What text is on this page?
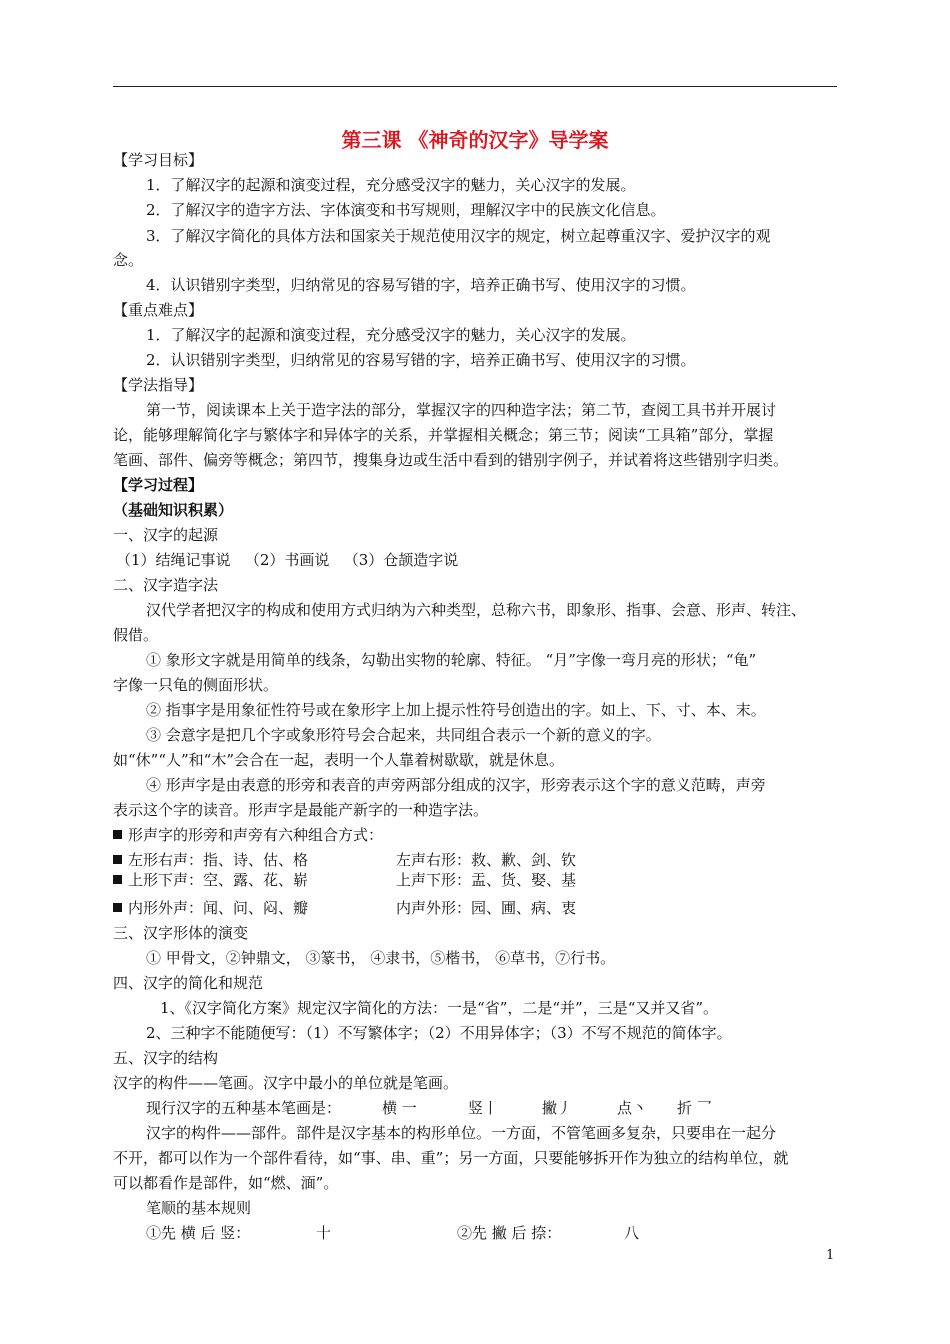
第三课 《神奇的汉字》导学案
【学习目标】
1．了解汉字的起源和演变过程，充分感受汉字的魅力，关心汉字的发展。
2．了解汉字的造字方法、字体演变和书写规则，理解汉字中的民族文化信息。
3．了解汉字简化的具体方法和国家关于规范使用汉字的规定，树立起尊重汉字、爱护汉字的观
念。
4．认识错别字类型，归纳常见的容易写错的字，培养正确书写、使用汉字的习惯。
【重点难点】
1．了解汉字的起源和演变过程，充分感受汉字的魅力，关心汉字的发展。
2．认识错别字类型，归纳常见的容易写错的字，培养正确书写、使用汉字的习惯。
【学法指导】
第一节，阅读课本上关于造字法的部分，掌握汉字的四种造字法；第二节，查阅工具书并开展讨
论，能够理解简化字与繁体字和异体字的关系，并掌握相关概念；第三节；阅读“工具箱”部分，掌握
笔画、部件、偏旁等概念；第四节，搜集身边或生活中看到的错别字例子，并试着将这些错别字归类。
【学习过程】
（基础知识积累）
一、汉字的起源
（1）结绳记事说   （2）书画说   （3）仓颉造字说
二、汉字造字法
汉代学者把汉字的构成和使用方式归纳为六种类型，总称六书，即象形、指事、会意、形声、转注、
假借。
① 象形文字就是用简单的线条，勾勒出实物的轮廓、特征。 “月”字像一弯月亮的形状；“龟”
字像一只龟的侧面形状。
② 指事字是用象征性符号或在象形字上加上提示性符号创造出的字。如上、下、寸、本、末。
③ 会意字是把几个字或象形符号会合起来，共同组合表示一个新的意义的字。
如“休”“人”和“木”会合在一起，表明一个人靠着树歇歇，就是休息。
④ 形声字是由表意的形旁和表音的声旁两部分组成的汉字，形旁表示这个字的意义范畴，声旁
表示这个字的读音。形声字是最能产新字的一种造字法。
形声字的形旁和声旁有六种组合方式：
左形右声：指、诗、估、格	左声右形：救、歉、剑、钦
上形下声：空、露、花、崭	上声下形：盂、货、娶、基
内形外声：闻、问、闷、瓣	内声外形：园、圃、病、衷
三、汉字形体的演变
① 甲骨文，②钟鼎文， ③篆书， ④隶书，⑤楷书， ⑥草书，⑦行书。
四、汉字的简化和规范
1、《汉字简化方案》规定汉字简化的方法：一是“省”，二是“并”，三是“又并又省”。
2、三种字不能随便写：（1）不写繁体字；（2）不用异体字；（3）不写不规范的简体字。
五、汉字的结构
汉字的构件——笔画。汉字中最小的单位就是笔画。
现行汉字的五种基本笔画是：	横 一	竖丨	撇丿	点丶 折 乛
汉字的构件——部件。部件是汉字基本的构形单位。一方面，不管笔画多复杂，只要串在一起分
不开，都可以作为一个部件看待，如“事、串、重”；另一方面，只要能够拆开作为独立的结构单位，就
可以都看作是部件，如“燃、湎”。
笔顺的基本规则
①先 横 后 竖：	十	②先 撇 后 捺：	八
1
